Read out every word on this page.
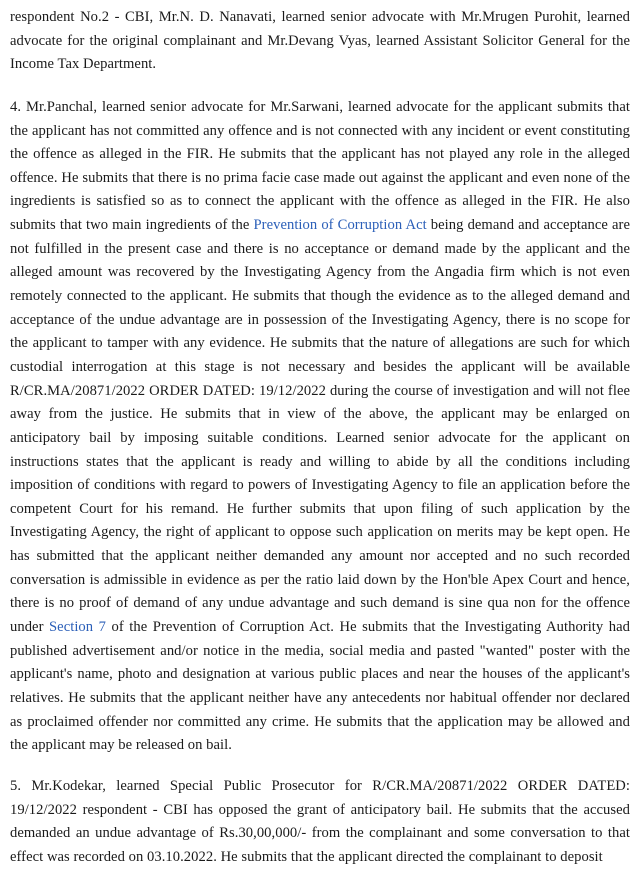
respondent No.2 - CBI, Mr.N. D. Nanavati, learned senior advocate with Mr.Mrugen Purohit, learned advocate for the original complainant and Mr.Devang Vyas, learned Assistant Solicitor General for the Income Tax Department.

4. Mr.Panchal, learned senior advocate for Mr.Sarwani, learned advocate for the applicant submits that the applicant has not committed any offence and is not connected with any incident or event constituting the offence as alleged in the FIR. He submits that the applicant has not played any role in the alleged offence. He submits that there is no prima facie case made out against the applicant and even none of the ingredients is satisfied so as to connect the applicant with the offence as alleged in the FIR. He also submits that two main ingredients of the Prevention of Corruption Act being demand and acceptance are not fulfilled in the present case and there is no acceptance or demand made by the applicant and the alleged amount was recovered by the Investigating Agency from the Angadia firm which is not even remotely connected to the applicant. He submits that though the evidence as to the alleged demand and acceptance of the undue advantage are in possession of the Investigating Agency, there is no scope for the applicant to tamper with any evidence. He submits that the nature of allegations are such for which custodial interrogation at this stage is not necessary and besides the applicant will be available R/CR.MA/20871/2022 ORDER DATED: 19/12/2022 during the course of investigation and will not flee away from the justice. He submits that in view of the above, the applicant may be enlarged on anticipatory bail by imposing suitable conditions. Learned senior advocate for the applicant on instructions states that the applicant is ready and willing to abide by all the conditions including imposition of conditions with regard to powers of Investigating Agency to file an application before the competent Court for his remand. He further submits that upon filing of such application by the Investigating Agency, the right of applicant to oppose such application on merits may be kept open. He has submitted that the applicant neither demanded any amount nor accepted and no such recorded conversation is admissible in evidence as per the ratio laid down by the Hon'ble Apex Court and hence, there is no proof of demand of any undue advantage and such demand is sine qua non for the offence under Section 7 of the Prevention of Corruption Act. He submits that the Investigating Authority had published advertisement and/or notice in the media, social media and pasted "wanted" poster with the applicant's name, photo and designation at various public places and near the houses of the applicant's relatives. He submits that the applicant neither have any antecedents nor habitual offender nor declared as proclaimed offender nor committed any crime. He submits that the application may be allowed and the applicant may be released on bail.

5. Mr.Kodekar, learned Special Public Prosecutor for R/CR.MA/20871/2022 ORDER DATED: 19/12/2022 respondent - CBI has opposed the grant of anticipatory bail. He submits that the accused demanded an undue advantage of Rs.30,00,000/- from the complainant and some conversation to that effect was recorded on 03.10.2022. He submits that the applicant directed the complainant to deposit
